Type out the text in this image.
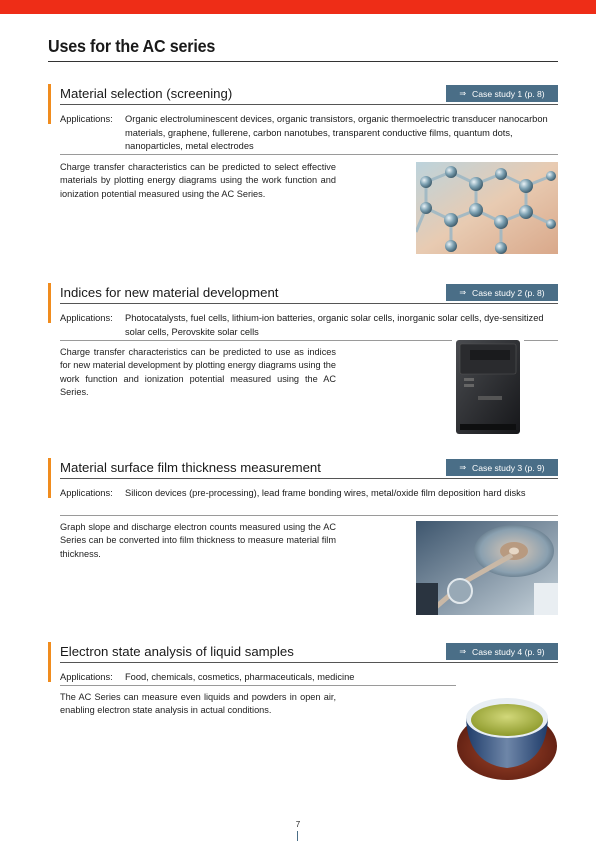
Uses for the AC series
Material selection (screening)	⇒ Case study 1 (p. 8)
Applications: Organic electroluminescent devices, organic transistors, organic thermoelectric transducer nanocarbon materials, graphene, fullerene, carbon nanotubes, transparent conductive films, quantum dots, nanoparticles, metal electrodes
Charge transfer characteristics can be predicted to select effective materials by plotting energy diagrams using the work function and ionization potential measured using the AC Series.
Indices for new material development	⇒ Case study 2 (p. 8)
Applications: Photocatalysts, fuel cells, lithium-ion batteries, organic solar cells, inorganic solar cells, dye-sensitized solar cells, Perovskite solar cells
Charge transfer characteristics can be predicted to use as indices for new material development by plotting energy diagrams using the work function and ionization potential measured using the AC Series.
Material surface film thickness measurement	⇒ Case study 3 (p. 9)
Applications: Silicon devices (pre-processing), lead frame bonding wires, metal/oxide film deposition hard disks
Graph slope and discharge electron counts measured using the AC Series can be converted into film thickness to measure material film thickness.
Electron state analysis of liquid samples	⇒ Case study 4 (p. 9)
Applications: Food, chemicals, cosmetics, pharmaceuticals, medicine
The AC Series can measure even liquids and powders in open air, enabling electron state analysis in actual conditions.
7
